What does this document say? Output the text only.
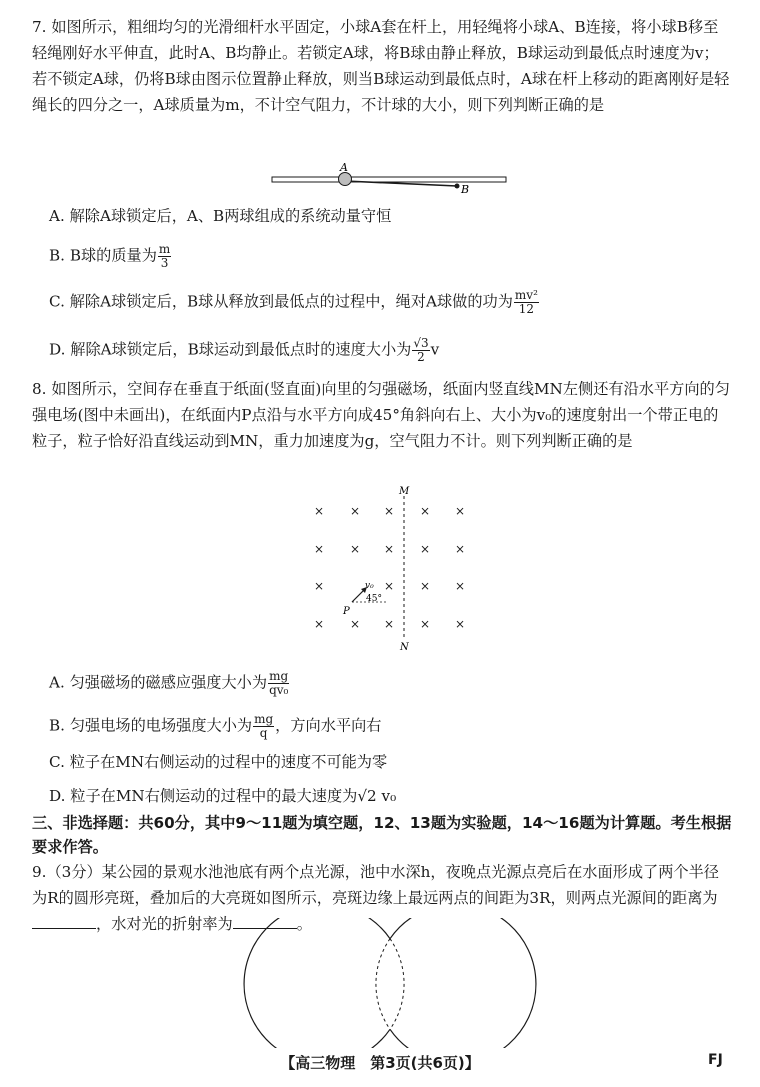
7. 如图所示，粗细均匀的光滑细杆水平固定，小球A套在杆上，用轻绳将小球A、B连接，将小球B移至轻绳刚好水平伸直，此时A、B均静止。若锁定A球，将B球由静止释放，B球运动到最低点时速度为v；若不锁定A球，仍将B球由图示位置静止释放，则当B球运动到最低点时，A球在杆上移动的距离刚好是轻绳长的四分之一，A球质量为m，不计空气阻力，不计球的大小，则下列判断正确的是
A
B
A. 解除A球锁定后，A、B两球组成的系统动量守恒
B. B球的质量为 $\frac{m}{3}$
C. 解除A球锁定后，B球从释放到最低点的过程中，绳对A球做的功为 $\frac{\text{mv²}}{12}$
D. 解除A球锁定后，B球运动到最低点时的速度大小为 $\frac{√3}{2}$ v
8. 如图所示，空间存在垂直于纸面(竖直面)向里的匀强磁场，纸面内竖直线MN左侧还有沿水平方向的匀强电场(图中未画出)，在纸面内P点沿与水平方向成45°角斜向右上、大小为v₀的速度射出一个带正电的粒子，粒子恰好沿直线运动到MN，重力加速度为g，空气阻力不计。则下列判断正确的是
M
N
× × × × ×
× × × × ×
×	× × ×
× × × × ×
v₀
45°
P
A. 匀强磁场的磁感应强度大小为 $\frac{mg}{\text{qv₀}}$
B. 匀强电场的电场强度大小为 $\frac{mg}{q}$ ，方向水平向右
C. 粒子在MN右侧运动的过程中的速度不可能为零
D. 粒子在MN右侧运动的过程中的最大速度为√2 v₀
三、非选择题：共60分，其中9～11题为填空题，12、13题为实验题，14～16题为计算题。考生根据要求作答。
9.（3分）某公园的景观水池池底有两个点光源，池中水深h，夜晚点光源点亮后在水面形成了两个半径为R的圆形亮斑，叠加后的大亮斑如图所示，亮斑边缘上最远两点的间距为3R，则两点光源间的距离为，水对光的折射率为	。
【高三物理　第3页(共6页)】	FJ
